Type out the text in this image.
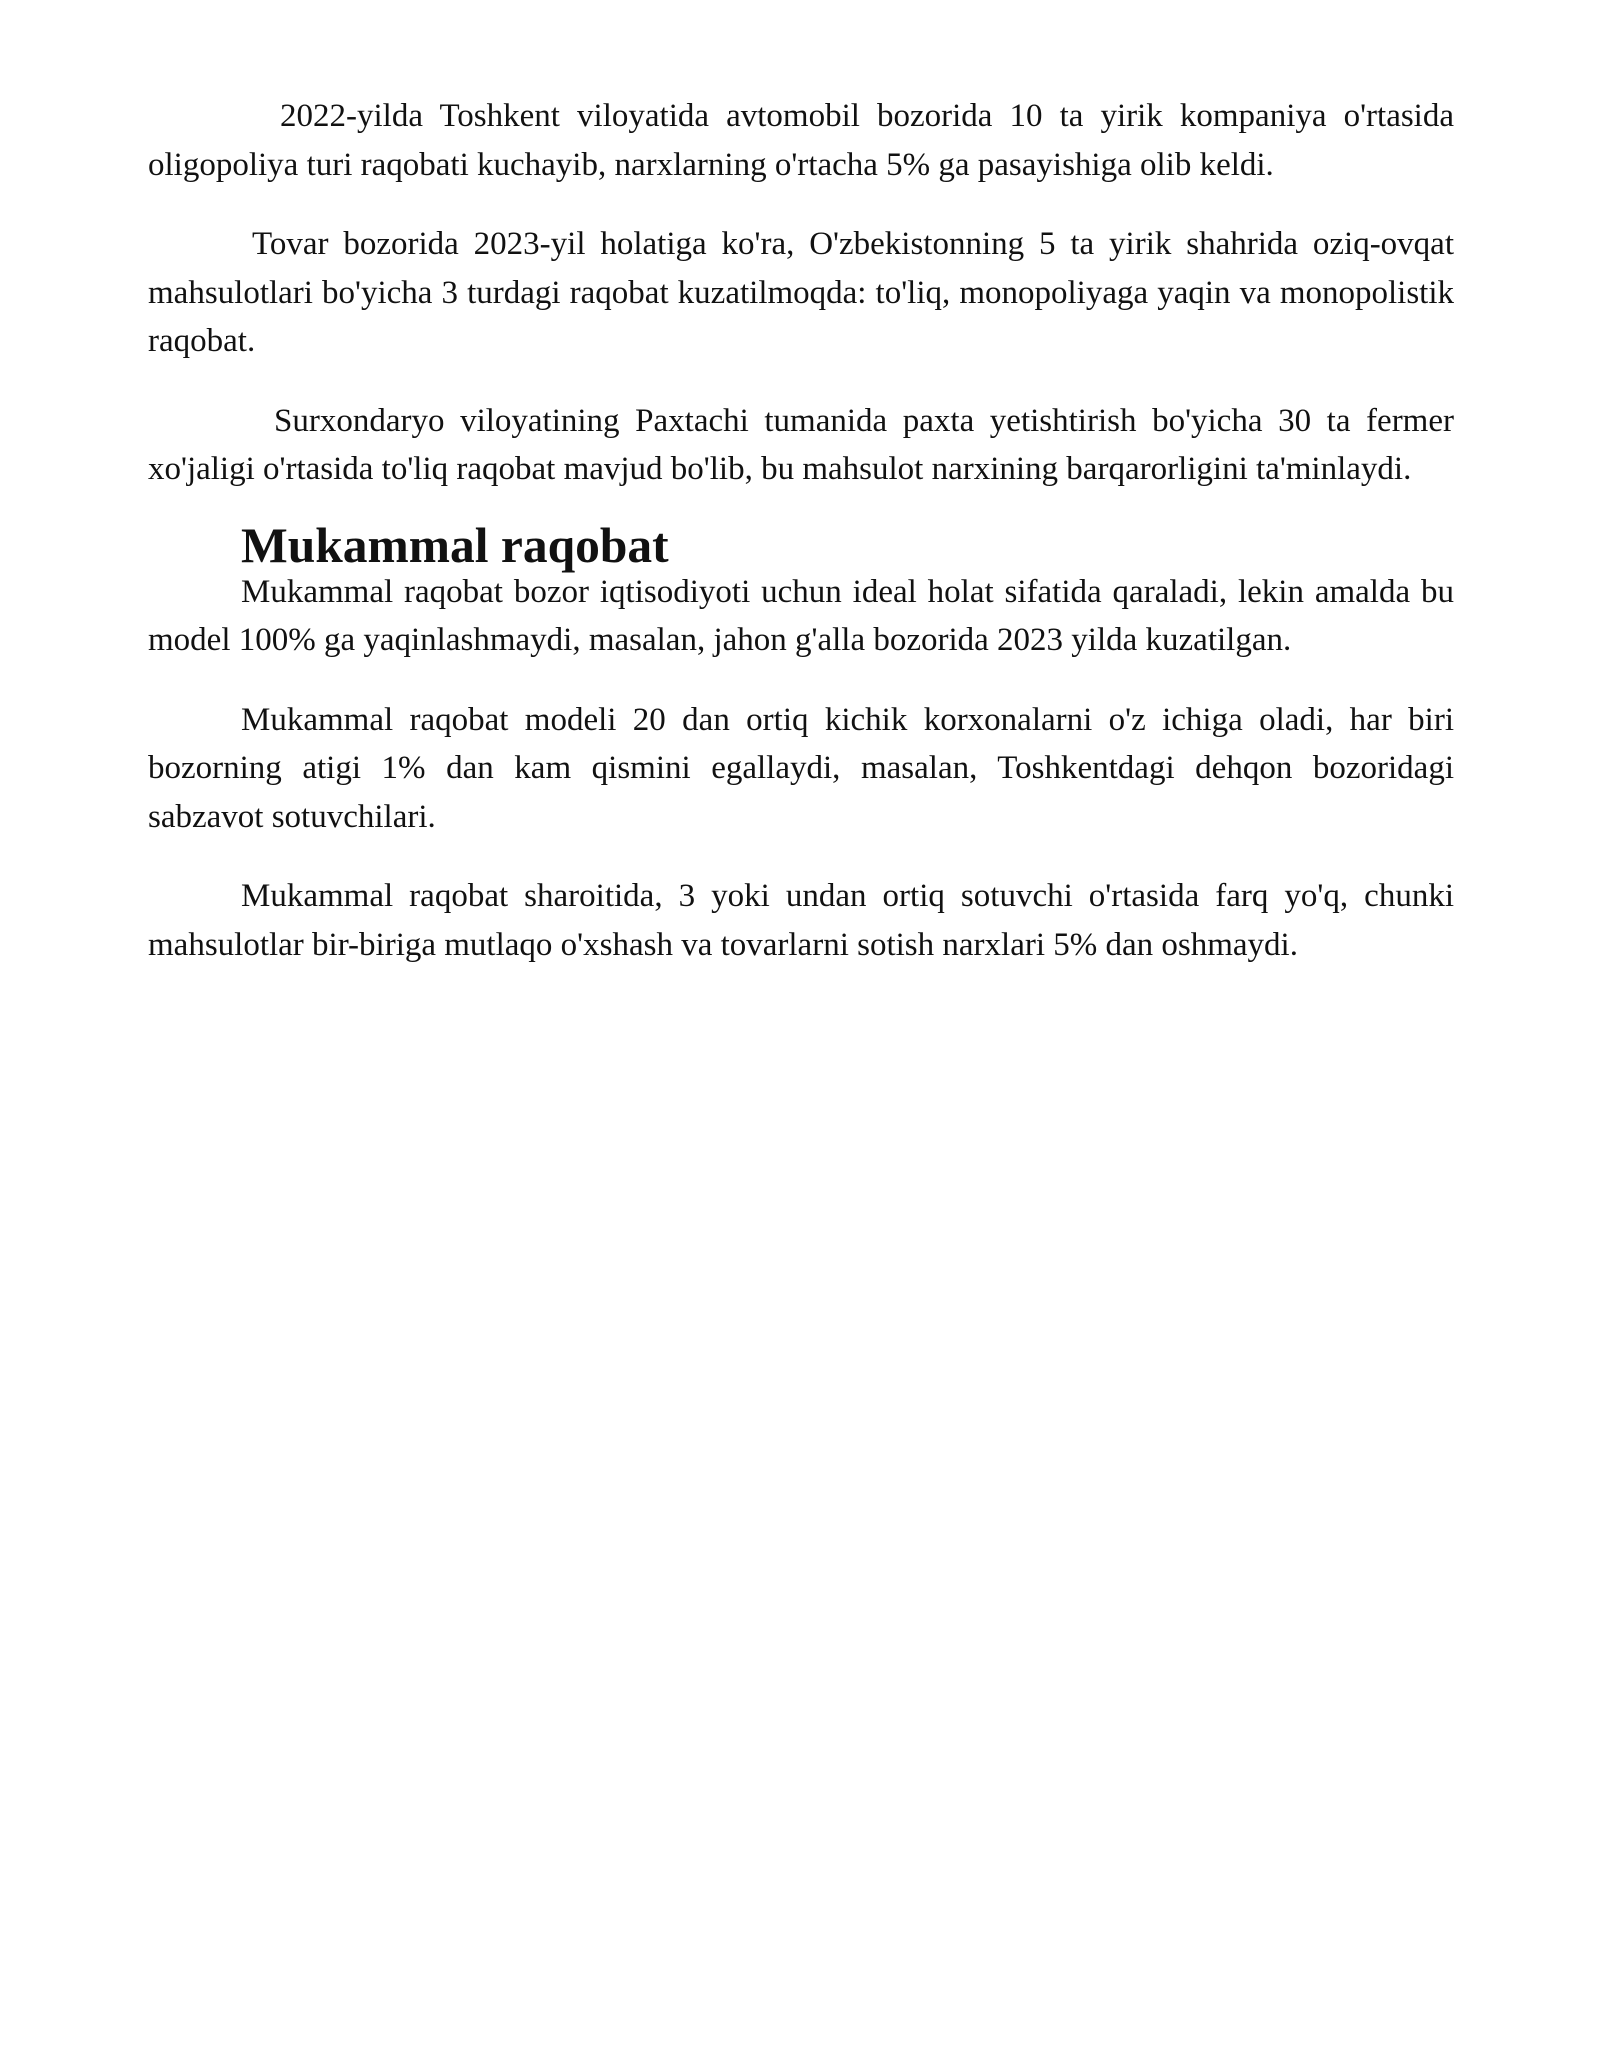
2022-yilda Toshkent viloyatida avtomobil bozorida 10 ta yirik kompaniya o'rtasida oligopoliya turi raqobati kuchayib, narxlarning o'rtacha 5% ga pasayishiga olib keldi.

Tovar bozorida 2023-yil holatiga ko'ra, O'zbekistonning 5 ta yirik shahrida oziq-ovqat mahsulotlari bo'yicha 3 turdagi raqobat kuzatilmoqda: to'liq, monopoliyaga yaqin va monopolistik raqobat.

Surxondaryo viloyatining Paxtachi tumanida paxta yetishtirish bo'yicha 30 ta fermer xo'jaligi o'rtasida to'liq raqobat mavjud bo'lib, bu mahsulot narxining barqarorligini ta'minlaydi.

Mukammal raqobat

Mukammal raqobat bozor iqtisodiyoti uchun ideal holat sifatida qaraladi, lekin amalda bu model 100% ga yaqinlashmaydi, masalan, jahon g'alla bozorida 2023 yilda kuzatilgan.

Mukammal raqobat modeli 20 dan ortiq kichik korxonalarni o'z ichiga oladi, har biri bozorning atigi 1% dan kam qismini egallaydi, masalan, Toshkentdagi dehqon bozoridagi sabzavot sotuvchilari.

Mukammal raqobat sharoitida, 3 yoki undan ortiq sotuvchi o'rtasida farq yo'q, chunki mahsulotlar bir-biriga mutlaqo o'xshash va tovarlarni sotish narxlari 5% dan oshmaydi.
